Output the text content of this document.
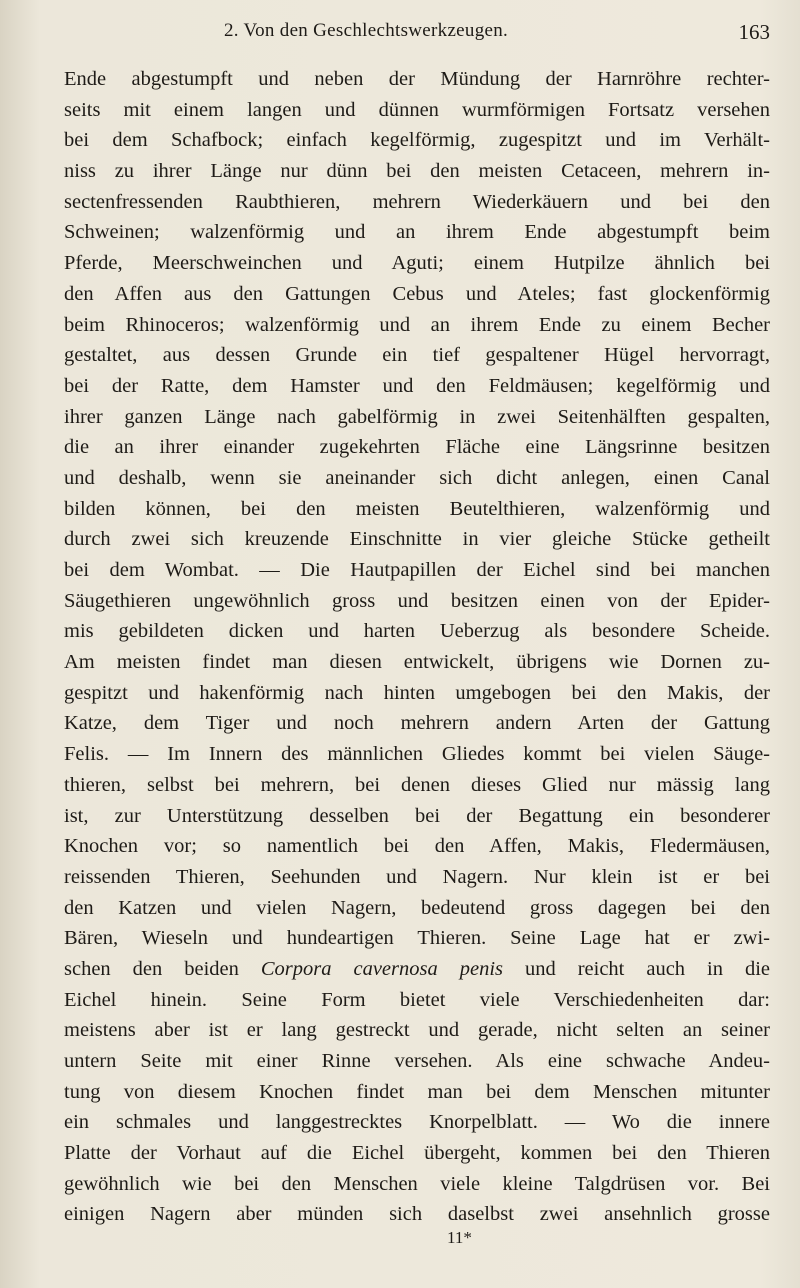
2. Von den Geschlechtswerkzeugen.	163
Ende abgestumpft und neben der Mündung der Harnröhre rechter-
seits mit einem langen und dünnen wurmförmigen Fortsatz versehen
bei dem Schafbock; einfach kegelförmig, zugespitzt und im Verhält-
niss zu ihrer Länge nur dünn bei den meisten Cetaceen, mehrern in-
sectenfressenden Raubthieren, mehrern Wiederkäuern und bei den
Schweinen; walzenförmig und an ihrem Ende abgestumpft beim
Pferde, Meerschweinchen und Aguti; einem Hutpilze ähnlich bei
den Affen aus den Gattungen Cebus und Ateles; fast glockenförmig
beim Rhinoceros; walzenförmig und an ihrem Ende zu einem Becher
gestaltet, aus dessen Grunde ein tief gespaltener Hügel hervorragt,
bei der Ratte, dem Hamster und den Feldmäusen; kegelförmig und
ihrer ganzen Länge nach gabelförmig in zwei Seitenhälften gespalten,
die an ihrer einander zugekehrten Fläche eine Längsrinne besitzen
und deshalb, wenn sie aneinander sich dicht anlegen, einen Canal
bilden können, bei den meisten Beutelthieren, walzenförmig und
durch zwei sich kreuzende Einschnitte in vier gleiche Stücke getheilt
bei dem Wombat. — Die Hautpapillen der Eichel sind bei manchen
Säugethieren ungewöhnlich gross und besitzen einen von der Epider-
mis gebildeten dicken und harten Ueberzug als besondere Scheide.
Am meisten findet man diesen entwickelt, übrigens wie Dornen zu-
gespitzt und hakenförmig nach hinten umgebogen bei den Makis, der
Katze, dem Tiger und noch mehrern andern Arten der Gattung
Felis. — Im Innern des männlichen Gliedes kommt bei vielen Säuge-
thieren, selbst bei mehrern, bei denen dieses Glied nur mässig lang
ist, zur Unterstützung desselben bei der Begattung ein besonderer
Knochen vor; so namentlich bei den Affen, Makis, Fledermäusen,
reissenden Thieren, Seehunden und Nagern. Nur klein ist er bei
den Katzen und vielen Nagern, bedeutend gross dagegen bei den
Bären, Wieseln und hundeartigen Thieren. Seine Lage hat er zwi-
schen den beiden Corpora cavernosa penis und reicht auch in die
Eichel hinein. Seine Form bietet viele Verschiedenheiten dar:
meistens aber ist er lang gestreckt und gerade, nicht selten an seiner
untern Seite mit einer Rinne versehen. Als eine schwache Andeu-
tung von diesem Knochen findet man bei dem Menschen mitunter
ein schmales und langgestrecktes Knorpelblatt. — Wo die innere
Platte der Vorhaut auf die Eichel übergeht, kommen bei den Thieren
gewöhnlich wie bei den Menschen viele kleine Talgdrüsen vor. Bei
einigen Nagern aber münden sich daselbst zwei ansehnlich grosse
11*
